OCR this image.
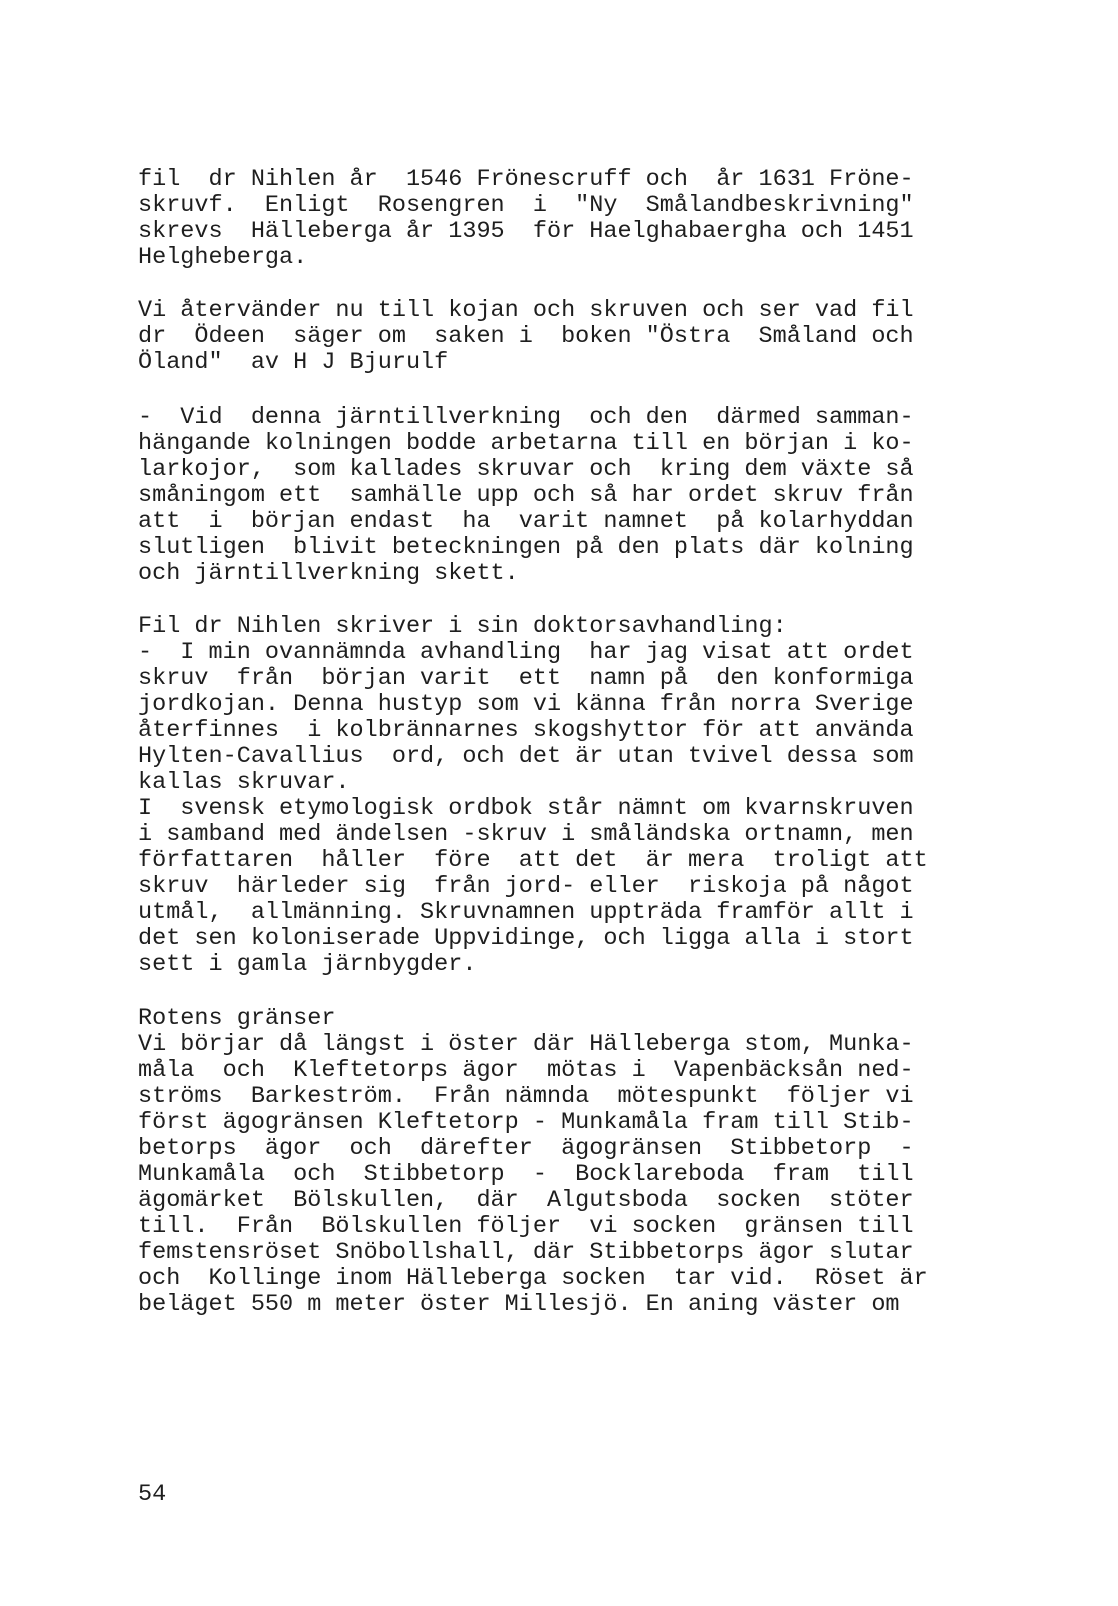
fil  dr Nihlen år  1546 Frönescruff och  år 1631 Fröne-
skruvf.  Enligt  Rosengren  i  "Ny  Smålandbeskrivning"
skrevs  Hälleberga år 1395  för Haelghabaergha och 1451
Helgheberga.
Vi återvänder nu till kojan och skruven och ser vad fil
dr  Ödeen  säger om  saken i  boken "Östra  Småland och
Öland"  av H J Bjurulf
-  Vid  denna järntillverkning  och den  därmed samman-
hängande kolningen bodde arbetarna till en början i ko-
larkojor,  som kallades skruvar och  kring dem växte så
småningom ett  samhälle upp och så har ordet skruv från
att  i  början endast  ha  varit namnet  på kolarhyddan
slutligen  blivit beteckningen på den plats där kolning
och järntillverkning skett.
Fil dr Nihlen skriver i sin doktorsavhandling:
-  I min ovannämnda avhandling  har jag visat att ordet
skruv  från  början varit  ett  namn på  den konformiga
jordkojan. Denna hustyp som vi känna från norra Sverige
återfinnes  i kolbrännarnes skogshyttor för att använda
Hylten-Cavallius  ord, och det är utan tvivel dessa som
kallas skruvar.
I  svensk etymologisk ordbok står nämnt om kvarnskruven
i samband med ändelsen -skruv i småländska ortnamn, men
författaren  håller  före  att det  är mera  troligt att
skruv  härleder sig  från jord- eller  riskoja på något
utmål,  allmänning. Skruvnamnen uppträda framför allt i
det sen koloniserade Uppvidinge, och ligga alla i stort
sett i gamla järnbygder.
Rotens gränser
Vi börjar då längst i öster där Hälleberga stom, Munka-
måla  och  Kleftetorps ägor  mötas i  Vapenbäcksån ned-
ströms  Barkeström.  Från nämnda  mötespunkt  följer vi
först ägogränsen Kleftetorp - Munkamåla fram till Stib-
betorps  ägor  och  därefter  ägogränsen  Stibbetorp  -
Munkamåla  och  Stibbetorp  -  Bocklareboda  fram  till
ägomärket  Bölskullen,  där  Algutsboda  socken  stöter
till.  Från  Bölskullen följer  vi socken  gränsen till
femstensröset Snöbollshall, där Stibbetorps ägor slutar
och  Kollinge inom Hälleberga socken  tar vid.  Röset är
beläget 550 m meter öster Millesjö. En aning väster om
54
